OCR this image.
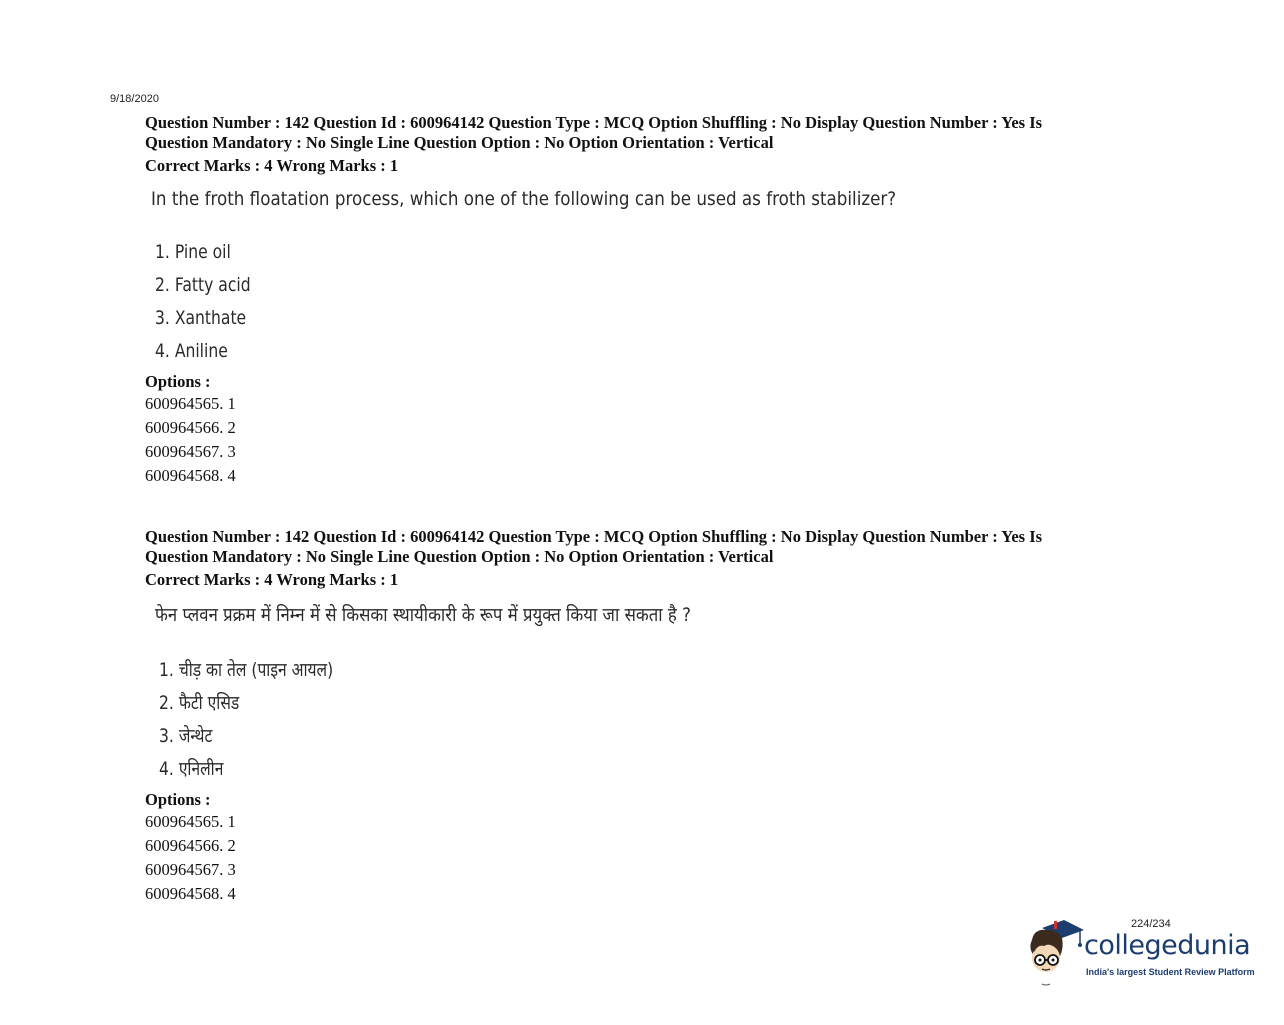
9/18/2020
Question Number : 142 Question Id : 600964142 Question Type : MCQ Option Shuffling : No Display Question Number : Yes Is
Question Mandatory : No Single Line Question Option : No Option Orientation : Vertical
Correct Marks : 4 Wrong Marks : 1
In the froth floatation process, which one of the following can be used as froth stabilizer?
1. Pine oil
2. Fatty acid
3. Xanthate
4. Aniline
Options :
600964565. 1
600964566. 2
600964567. 3
600964568. 4
Question Number : 142 Question Id : 600964142 Question Type : MCQ Option Shuffling : No Display Question Number : Yes Is
Question Mandatory : No Single Line Question Option : No Option Orientation : Vertical
Correct Marks : 4 Wrong Marks : 1
फेन प्लवन प्रक्रम में निम्न में से किसका स्थायीकारी के रूप में प्रयुक्त किया जा सकता है ?
1. चीड़ का तेल (पाइन आयल)
2. फैटी एसिड
3. जेन्थेट
4. एनिलीन
Options :
600964565. 1
600964566. 2
600964567. 3
600964568. 4
224/234
collegedunia
India's largest Student Review Platform
